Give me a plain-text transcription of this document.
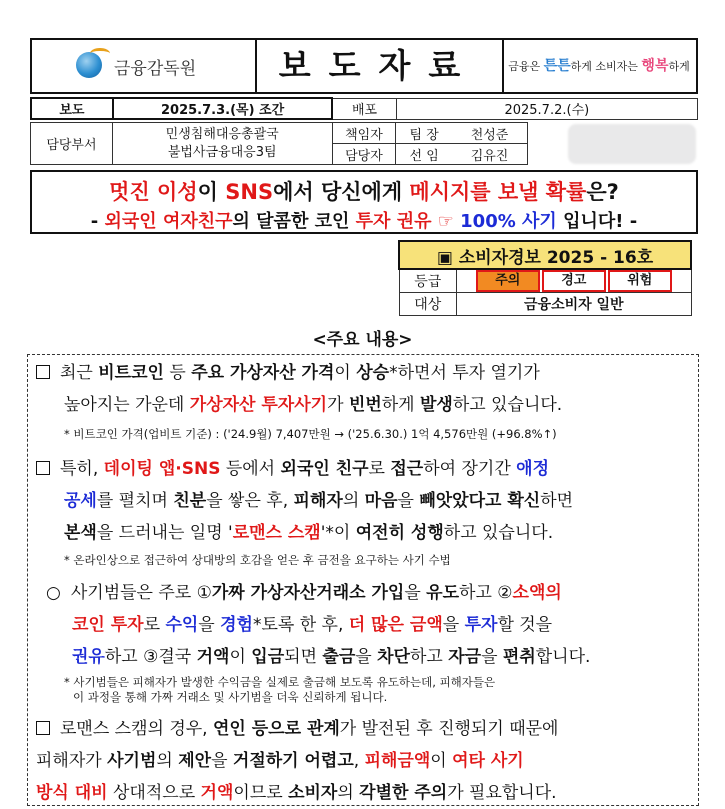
금융감독원	보도자료	금융은 튼튼하게 소비자는 행복하게
보도	2025.7.3.(목) 조간	배포	2025.7.2.(수)
담당부서	민생침해대응총괄국
불법사금융대응3팀	책임자	팀 장	천성준	
		담당자	선 임	김유진	
멋진 이성이 SNS에서 당신에게 메시지를 보낼 확률은?
- 외국인 여자친구의 달콤한 코인 투자 권유 ☞ 100% 사기 입니다! -
▣ 소비자경보 2025 - 16호	
등급	주의 경고 위험
대상	금융소비자 일반
<주요 내용>
최근 비트코인 등 주요 가상자산 가격이 상승*하면서 투자 열기가
높아지는 가운데 가상자산 투자사기가 빈번하게 발생하고 있습니다.
* 비트코인 가격(업비트 기준) : ('24.9월) 7,407만원 → ('25.6.30.) 1억 4,576만원 (+96.8%↑)
특히, 데이팅 앱·SNS 등에서 외국인 친구로 접근하여 장기간 애정
공세를 펼치며 친분을 쌓은 후, 피해자의 마음을 빼앗았다고 확신하면
본색을 드러내는 일명 '로맨스 스캠'*이 여전히 성행하고 있습니다.
* 온라인상으로 접근하여 상대방의 호감을 얻은 후 금전을 요구하는 사기 수법
○ 사기범들은 주로 ①가짜 가상자산거래소 가입을 유도하고 ②소액의
코인 투자로 수익을 경험*토록 한 후, 더 많은 금액을 투자할 것을
권유하고 ③결국 거액이 입금되면 출금을 차단하고 자금을 편취합니다.
* 사기범들은 피해자가 발생한 수익금을 실제로 출금해 보도록 유도하는데, 피해자들은
이 과정을 통해 가짜 거래소 및 사기범을 더욱 신뢰하게 됩니다.
로맨스 스캠의 경우, 연인 등으로 관계가 발전된 후 진행되기 때문에
피해자가 사기범의 제안을 거절하기 어렵고, 피해금액이 여타 사기
방식 대비 상대적으로 거액이므로 소비자의 각별한 주의가 필요합니다.
